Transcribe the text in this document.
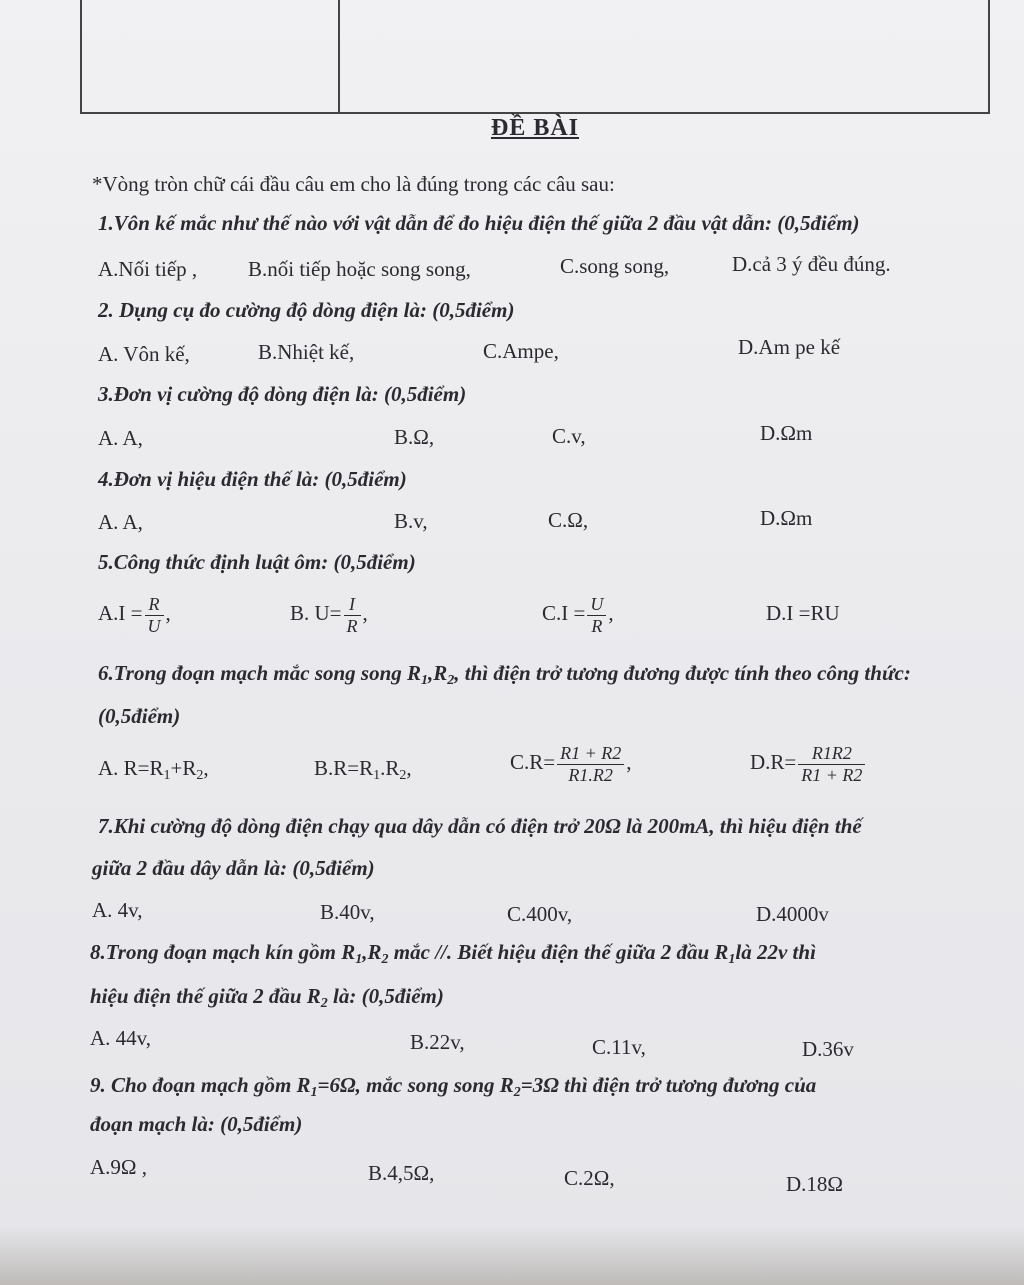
ĐỀ BÀI
*Vòng tròn chữ cái đầu câu em cho là đúng trong các câu sau:
1.Vôn kế mắc như thế nào với vật dẫn để đo hiệu điện thế giữa 2 đầu vật dẫn: (0,5điểm)
A.Nối tiếp , B.nối tiếp hoặc song song,	C.song song,	D.cả 3 ý đều đúng.
2. Dụng cụ đo cường độ dòng điện là: (0,5điểm)
A. Vôn kế,	B.Nhiệt kế,	C.Ampe,	D.Am pe kế
3.Đơn vị cường độ dòng điện là: (0,5điểm)
A. A,	B.Ω,	C.v,	D.Ωm
4.Đơn vị hiệu điện thế là: (0,5điểm)
A. A,	B.v,	C.Ω,	D.Ωm
5.Công thức định luật ôm: (0,5điểm)
$A.I = \frac{R}{U}$ ,	B. $U= \frac{I}{R}$ ,	$C.I = \frac{U}{R}$ ,	D.I =RU
6.Trong đoạn mạch mắc song song $R_1,R_2$, thì điện trở tương đương được tính theo công thức:
(0,5điểm)
A. $R=R_1+R_2$,	$B.R=R_1.R_2$,	$C.R= \frac{R1 + R2}{R1.R2}$ ,	$D.R= \frac{R1R2}{R1 + R2}$
7.Khi cường độ dòng điện chạy qua dây dẫn có điện trở 20Ω là 200mA, thì hiệu điện thế
giữa 2 đầu dây dẫn là: (0,5điểm)
A. 4v,	B.40v,	C.400v,	D.4000v
8.Trong đoạn mạch kín gồm $R_1,R_2$ mắc //. Biết hiệu điện thế giữa 2 đầu $R_1là$ 22v thì
hiệu điện thế giữa 2 đầu $R_2$ là: (0,5điểm)
A. 44v,	B.22v,	C.11v,	D.36v
9. Cho đoạn mạch gồm $R_1=6\Omega$, mắc song song $R_2=3\Omega$ thì điện trở tương đương của
đoạn mạch là: (0,5điểm)
A.9Ω ,	B.4,5Ω,	C.2Ω,	D.18Ω
